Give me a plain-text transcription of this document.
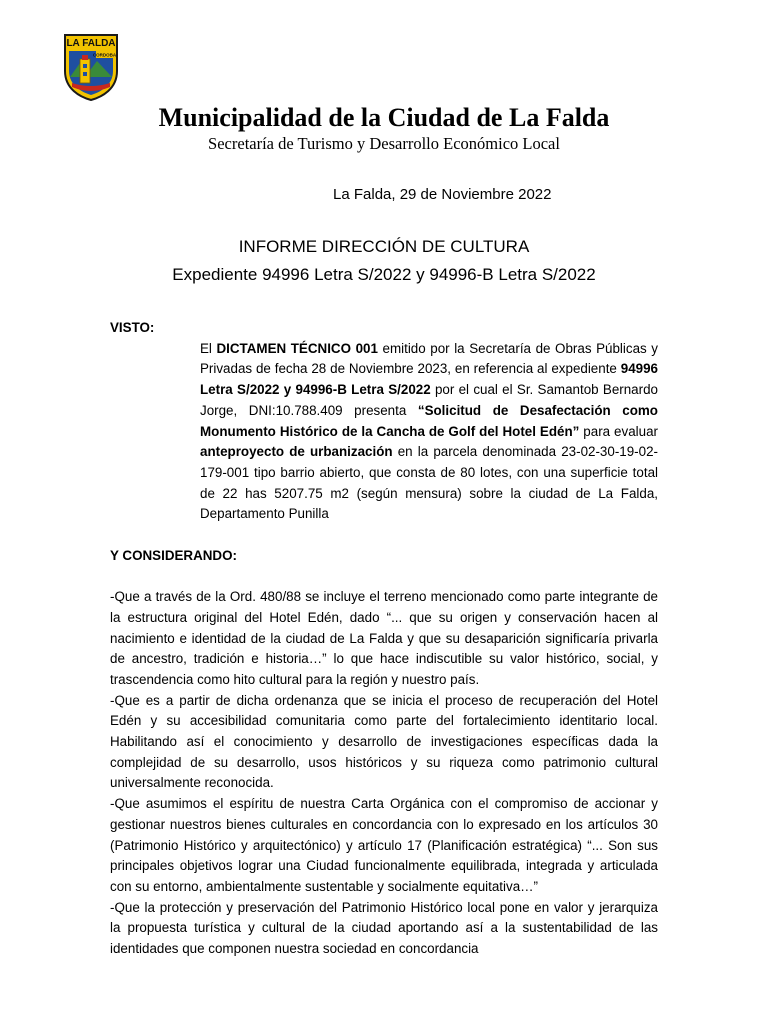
LA FALDA
CORDOBA
Municipalidad de la Ciudad de La Falda

Secretaría de Turismo y Desarrollo Económico Local

La Falda, 29 de Noviembre 2022
INFORME DIRECCIÓN DE CULTURA
Expediente 94996 Letra S/2022 y 94996-B Letra S/2022

VISTO:

El DICTAMEN TÉCNICO 001 emitido por la Secretaría de Obras Públicas y Privadas de fecha 28 de Noviembre 2023, en referencia al expediente 94996 Letra S/2022 y 94996-B Letra S/2022 por el cual el Sr. Samantob Bernardo Jorge, DNI:10.788.409 presenta “Solicitud de Desafectación como Monumento Histórico de la Cancha de Golf del Hotel Edén” para evaluar anteproyecto de urbanización en la parcela denominada 23-02-30-19-02-179-001 tipo barrio abierto, que consta de 80 lotes, con una superficie total de 22 has 5207.75 m2 (según mensura) sobre la ciudad de La Falda, Departamento Punilla

Y CONSIDERANDO:

-Que a través de la Ord. 480/88 se incluye el terreno mencionado como parte integrante de la estructura original del Hotel Edén, dado “... que su origen y conservación hacen al nacimiento e identidad de la ciudad de La Falda y que su desaparición significaría privarla de ancestro, tradición e historia…” lo que hace indiscutible su valor histórico, social, y trascendencia como hito cultural para la región y nuestro país.

-Que es a partir de dicha ordenanza que se inicia el proceso de recuperación del Hotel Edén y su accesibilidad comunitaria como parte del fortalecimiento identitario local. Habilitando así el conocimiento y desarrollo de investigaciones específicas dada la complejidad de su desarrollo, usos históricos y su riqueza como patrimonio cultural universalmente reconocida.

-Que asumimos el espíritu de nuestra Carta Orgánica con el compromiso de accionar y gestionar nuestros bienes culturales en concordancia con lo expresado en los artículos 30 (Patrimonio Histórico y arquitectónico) y artículo 17 (Planificación estratégica) “... Son sus principales objetivos lograr una Ciudad funcionalmente equilibrada, integrada y articulada con su entorno, ambientalmente sustentable y socialmente equitativa…”

-Que la protección y preservación del Patrimonio Histórico local pone en valor y jerarquiza la propuesta turística y cultural de la ciudad aportando así a la sustentabilidad de las identidades que componen nuestra sociedad en concordancia
